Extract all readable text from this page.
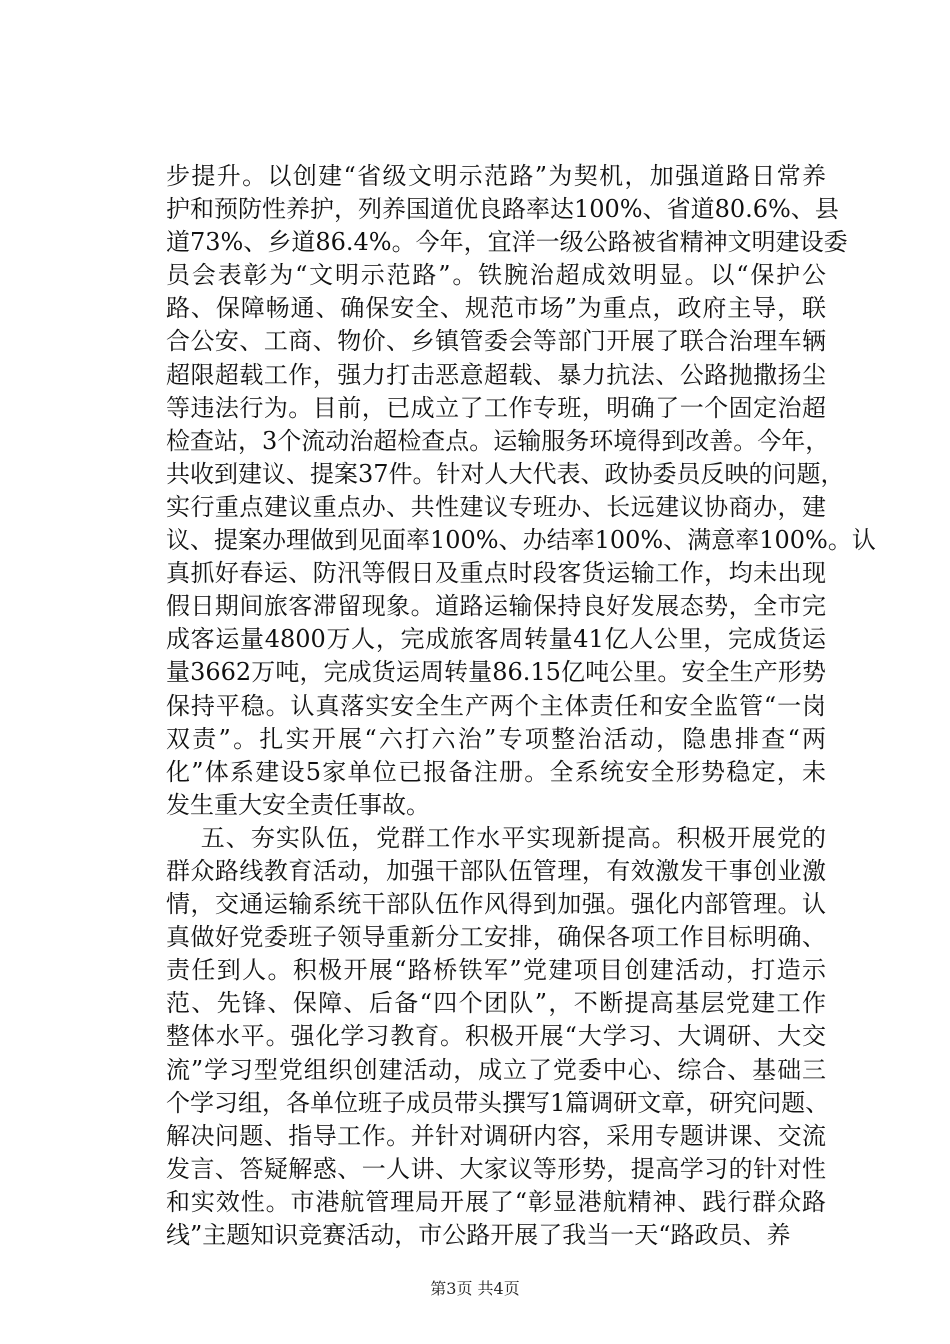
步提升。以创建“省级文明示范路”为契机，加强道路日常养
护和预防性养护，列养国道优良路率达100%、省道80.6%、县
道73%、乡道86.4%。今年，宜洋一级公路被省精神文明建设委
员会表彰为“文明示范路”。铁腕治超成效明显。以“保护公
路、保障畅通、确保安全、规范市场”为重点，政府主导，联
合公安、工商、物价、乡镇管委会等部门开展了联合治理车辆
超限超载工作，强力打击恶意超载、暴力抗法、公路抛撒扬尘
等违法行为。目前，已成立了工作专班，明确了一个固定治超
检查站，3个流动治超检查点。运输服务环境得到改善。今年，
共收到建议、提案37件。针对人大代表、政协委员反映的问题，
实行重点建议重点办、共性建议专班办、长远建议协商办，建
议、提案办理做到见面率100%、办结率100%、满意率100%。认
真抓好春运、防汛等假日及重点时段客货运输工作，均未出现
假日期间旅客滞留现象。道路运输保持良好发展态势，全市完
成客运量4800万人，完成旅客周转量41亿人公里，完成货运
量3662万吨，完成货运周转量86.15亿吨公里。安全生产形势
保持平稳。认真落实安全生产两个主体责任和安全监管“一岗
双责”。扎实开展“六打六治”专项整治活动，隐患排查“两
化”体系建设5家单位已报备注册。全系统安全形势稳定，未
发生重大安全责任事故。
五、夯实队伍，党群工作水平实现新提高。积极开展党的
群众路线教育活动，加强干部队伍管理，有效激发干事创业激
情，交通运输系统干部队伍作风得到加强。强化内部管理。认
真做好党委班子领导重新分工安排，确保各项工作目标明确、
责任到人。积极开展“路桥铁军”党建项目创建活动，打造示
范、先锋、保障、后备“四个团队”，不断提高基层党建工作
整体水平。强化学习教育。积极开展“大学习、大调研、大交
流”学习型党组织创建活动，成立了党委中心、综合、基础三
个学习组，各单位班子成员带头撰写1篇调研文章，研究问题、
解决问题、指导工作。并针对调研内容，采用专题讲课、交流
发言、答疑解惑、一人讲、大家议等形势，提高学习的针对性
和实效性。市港航管理局开展了“彰显港航精神、践行群众路
线”主题知识竞赛活动，市公路开展了我当一天“路政员、养
第3页 共4页
